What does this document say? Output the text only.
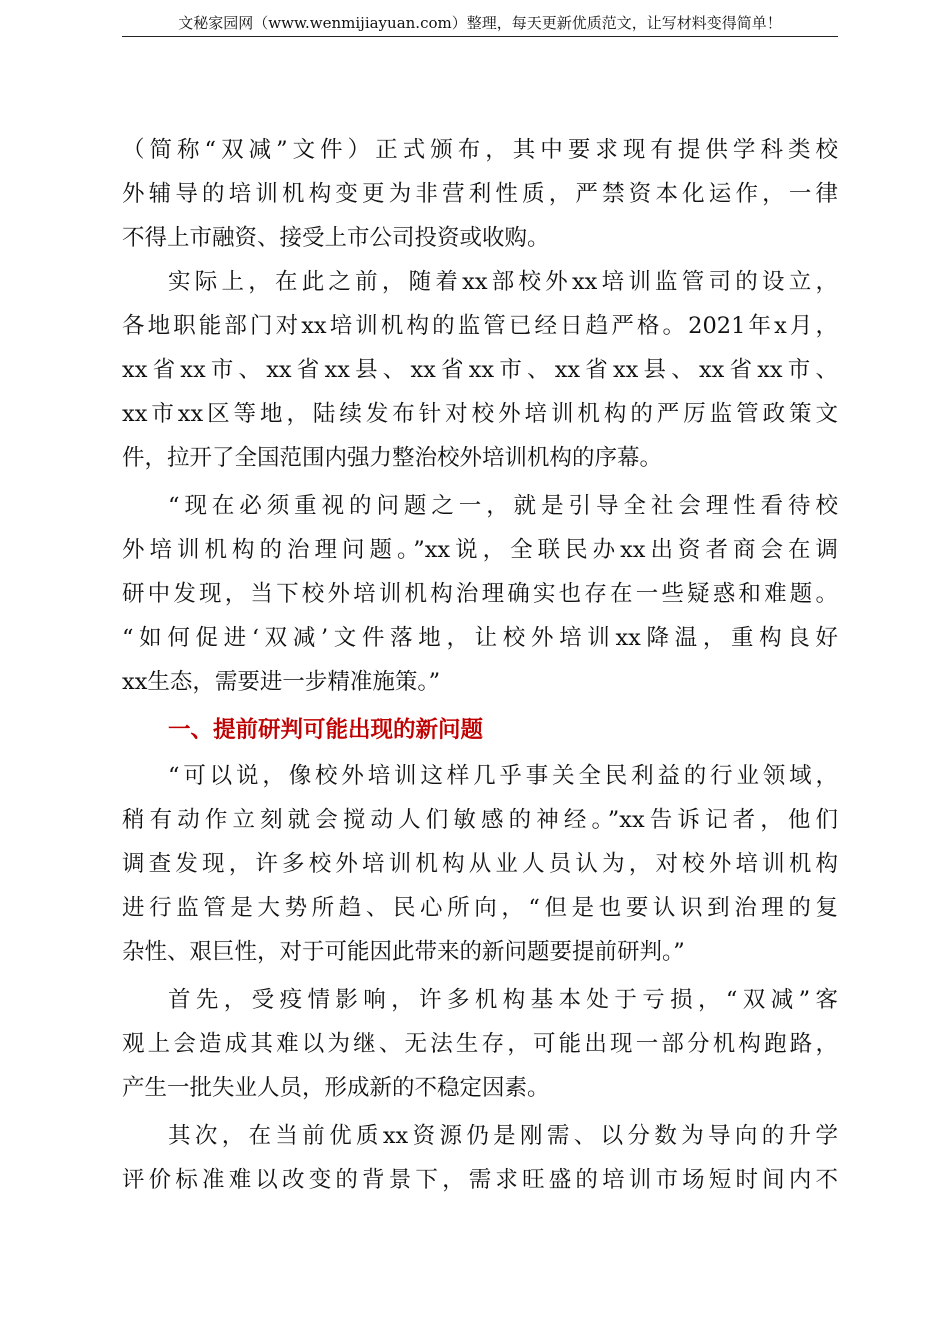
文秘家园网（www.wenmijiayuan.com）整理，每天更新优质范文，让写材料变得简单！
（简称“双减”文件）正式颁布，其中要求现有提供学科类校
外辅导的培训机构变更为非营利性质，严禁资本化运作，一律
不得上市融资、接受上市公司投资或收购。
实际上，在此之前，随着xx部校外xx培训监管司的设立，
各地职能部门对xx培训机构的监管已经日趋严格。2021年x月，
xx省xx市、xx省xx县、xx省xx市、xx省xx县、xx省xx市、
xx市xx区等地，陆续发布针对校外培训机构的严厉监管政策文
件，拉开了全国范围内强力整治校外培训机构的序幕。
“现在必须重视的问题之一，就是引导全社会理性看待校
外培训机构的治理问题。”xx说，全联民办xx出资者商会在调
研中发现，当下校外培训机构治理确实也存在一些疑惑和难题。
“如何促进‘双减’文件落地，让校外培训xx降温，重构良好
xx生态，需要进一步精准施策。”
一、提前研判可能出现的新问题
“可以说，像校外培训这样几乎事关全民利益的行业领域，
稍有动作立刻就会搅动人们敏感的神经。”xx告诉记者，他们
调查发现，许多校外培训机构从业人员认为，对校外培训机构
进行监管是大势所趋、民心所向，“但是也要认识到治理的复
杂性、艰巨性，对于可能因此带来的新问题要提前研判。”
首先，受疫情影响，许多机构基本处于亏损，“双减”客
观上会造成其难以为继、无法生存，可能出现一部分机构跑路，
产生一批失业人员，形成新的不稳定因素。
其次，在当前优质xx资源仍是刚需、以分数为导向的升学
评价标准难以改变的背景下，需求旺盛的培训市场短时间内不
